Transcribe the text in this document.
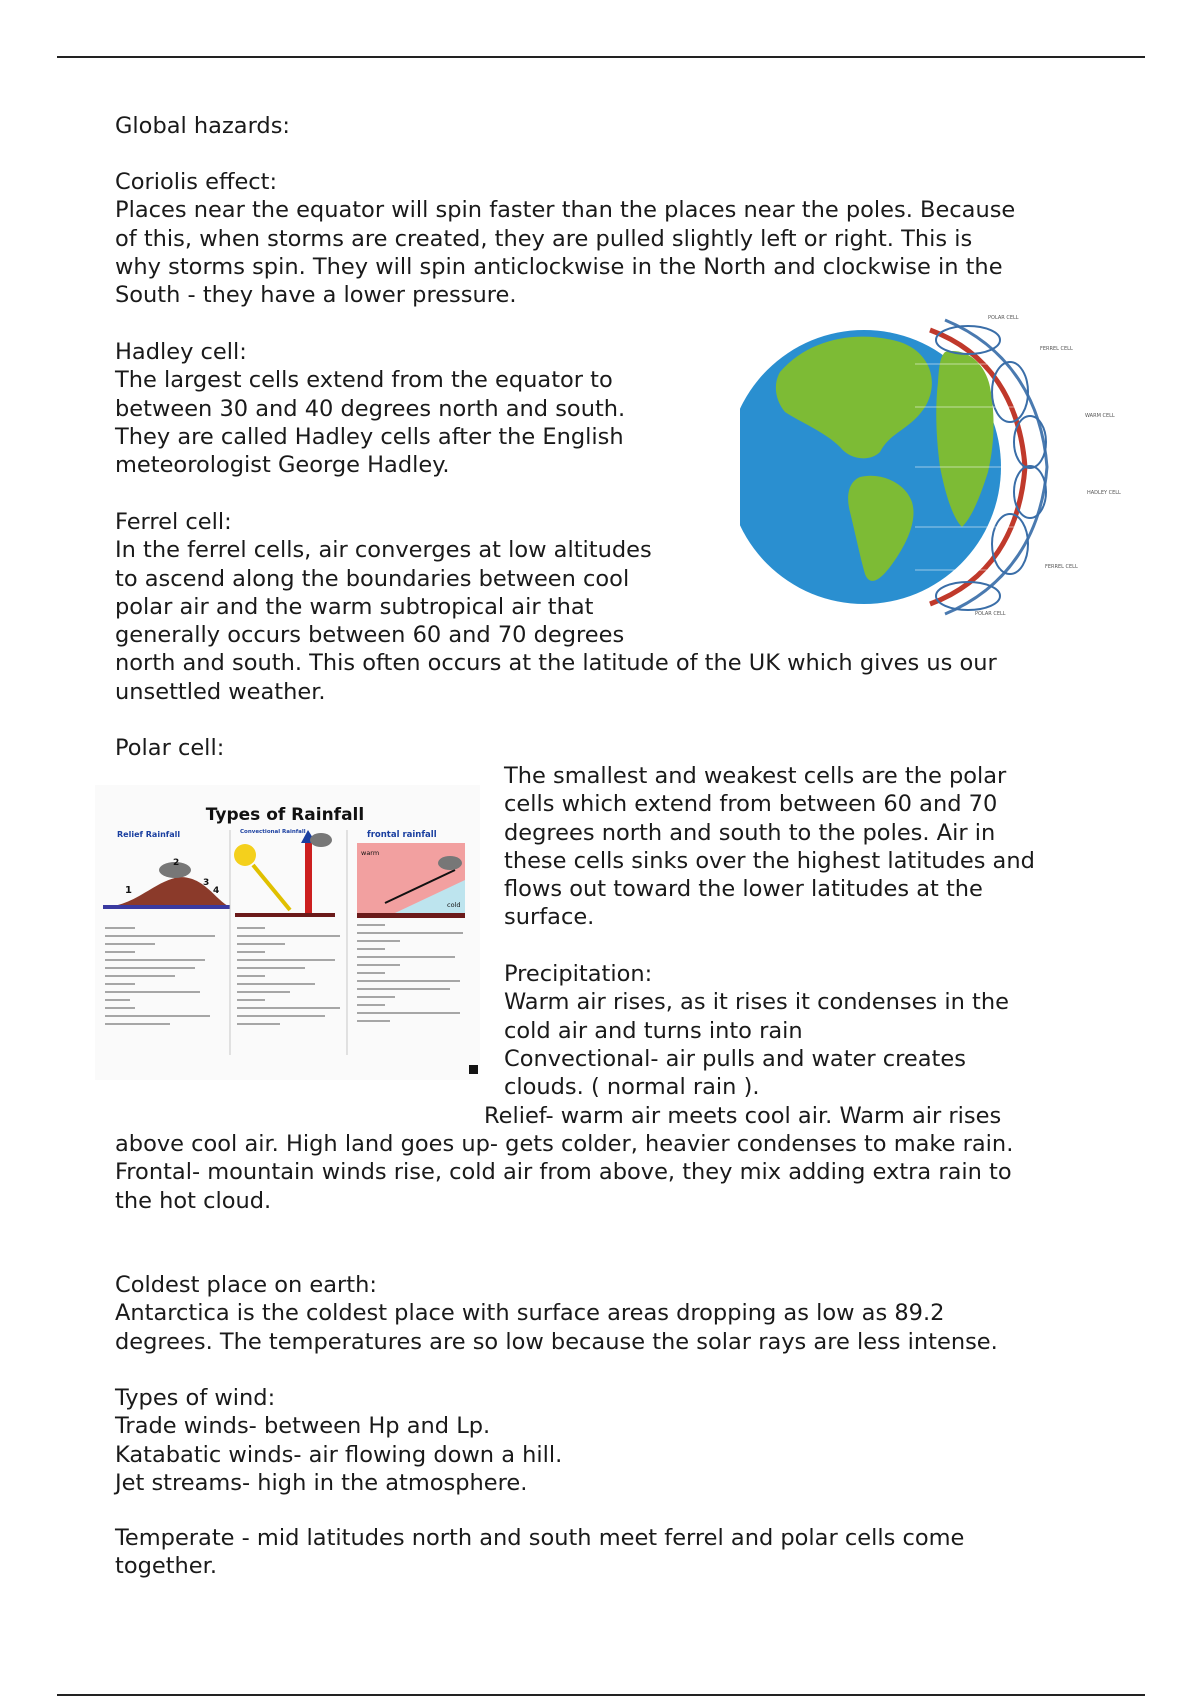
Global hazards:
Coriolis effect:
Places near the equator will spin faster than the places near the poles. Because
of this, when storms are created, they are pulled slightly left or right. This is
why storms spin. They will spin anticlockwise in the North and clockwise in the
South - they have a lower pressure.
Hadley cell:
The largest cells extend from the equator to
between 30 and 40 degrees north and south.
They are called Hadley cells after the English
meteorologist George Hadley.
Ferrel cell:
In the ferrel cells, air converges at low altitudes
to ascend along the boundaries between cool
polar air and the warm subtropical air that
generally occurs between 60 and 70 degrees
north and south. This often occurs at the latitude of the UK which gives us our
unsettled weather.
Polar cell:
The smallest and weakest cells are the polar
cells which extend from between 60 and 70
degrees north and south to the poles. Air in
these cells sinks over the highest latitudes and
flows out toward the lower latitudes at the
surface.
Precipitation:
Warm air rises, as it rises it condenses in the
cold air and turns into rain
Convectional- air pulls and water creates
clouds. ( normal rain ).
Relief- warm air meets cool air. Warm air rises
above cool air. High land goes up- gets colder, heavier condenses to make rain.
Frontal- mountain winds rise, cold air from above, they mix adding extra rain to
the hot cloud.
Coldest place on earth:
Antarctica is the coldest place with surface areas dropping as low as 89.2
degrees. The temperatures are so low because the solar rays are less intense.
Types of wind:
Trade winds- between Hp and Lp.
Katabatic winds- air flowing down a hill.
Jet streams- high in the atmosphere.
Temperate - mid latitudes north and south meet ferrel and polar cells come
together.
POLAR CELL
FERREL CELL
WARM CELL
HADLEY CELL
FERREL CELL
POLAR CELL
Types of Rainfall
Relief Rainfall	Convectional Rainfall	frontal rainfall
1
2
3
4
warm
cold
